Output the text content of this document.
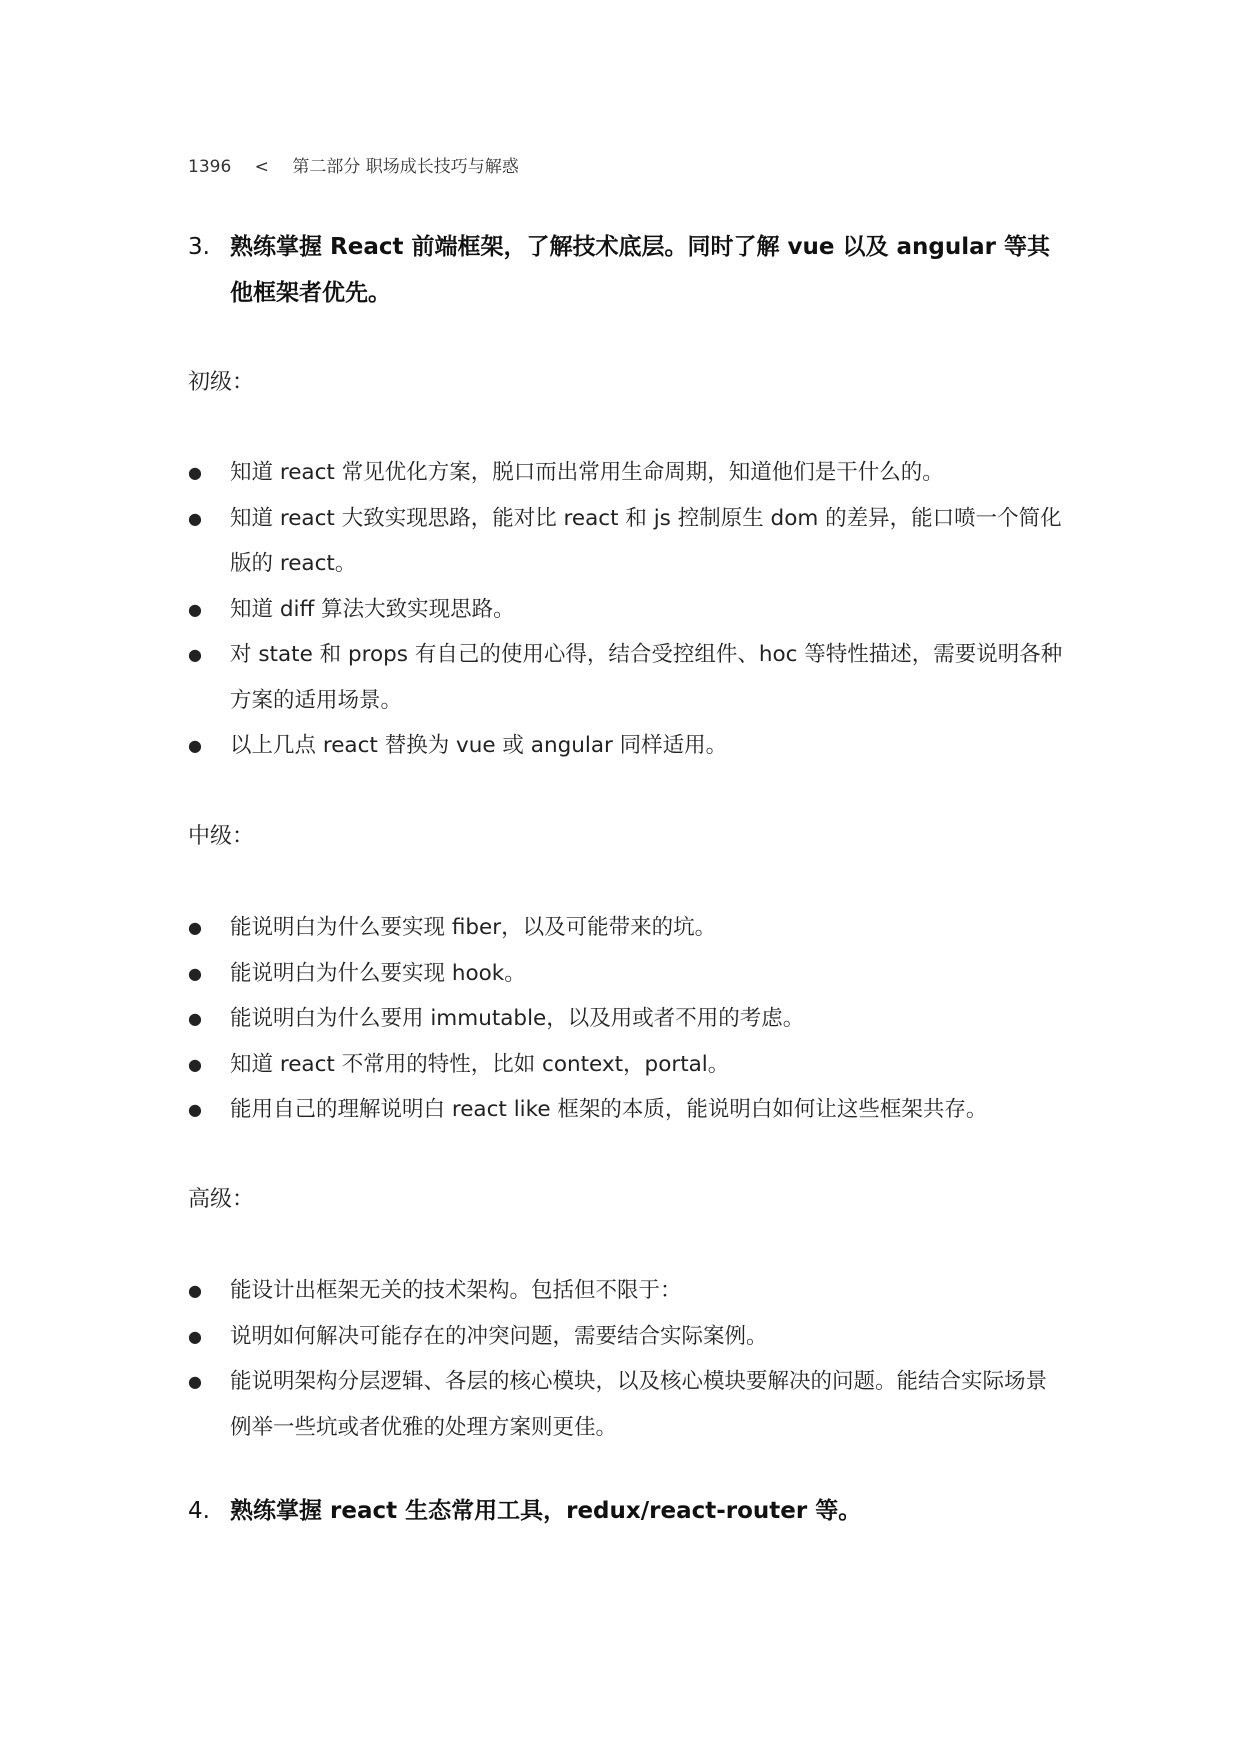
1396 < 第二部分 职场成长技巧与解惑
3. 熟练掌握 React 前端框架，了解技术底层。同时了解 vue 以及 angular 等其他框架者优先。
初级：
● 知道 react 常见优化方案，脱口而出常用生命周期，知道他们是干什么的。
● 知道 react 大致实现思路，能对比 react 和 js 控制原生 dom 的差异，能口喷一个简化版的 react。
● 知道 diff 算法大致实现思路。
● 对 state 和 props 有自己的使用心得，结合受控组件、hoc 等特性描述，需要说明各种方案的适用场景。
● 以上几点 react 替换为 vue 或 angular 同样适用。
中级：
● 能说明白为什么要实现 fiber，以及可能带来的坑。
● 能说明白为什么要实现 hook。
● 能说明白为什么要用 immutable，以及用或者不用的考虑。
● 知道 react 不常用的特性，比如 context，portal。
● 能用自己的理解说明白 react like 框架的本质，能说明白如何让这些框架共存。
高级：
● 能设计出框架无关的技术架构。包括但不限于：
● 说明如何解决可能存在的冲突问题，需要结合实际案例。
● 能说明架构分层逻辑、各层的核心模块，以及核心模块要解决的问题。能结合实际场景例举一些坑或者优雅的处理方案则更佳。
4. 熟练掌握 react 生态常用工具，redux/react-router 等。
